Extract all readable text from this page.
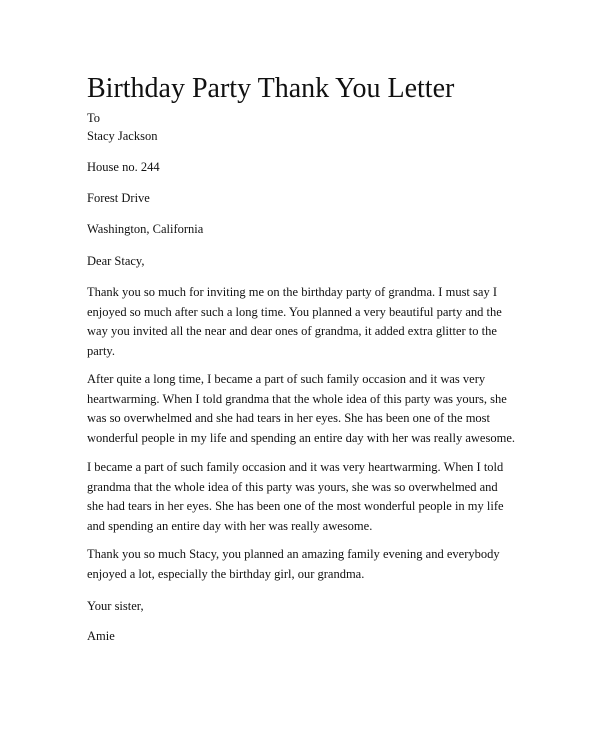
Birthday Party Thank You Letter

To

Stacy Jackson

House no. 244

Forest Drive

Washington, California

Dear Stacy,

Thank you so much for inviting me on the birthday party of grandma. I must say I enjoyed so much after such a long time. You planned a very beautiful party and the way you invited all the near and dear ones of grandma, it added extra glitter to the party.

After quite a long time, I became a part of such family occasion and it was very heartwarming. When I told grandma that the whole idea of this party was yours, she was so overwhelmed and she had tears in her eyes. She has been one of the most wonderful people in my life and spending an entire day with her was really awesome.

I became a part of such family occasion and it was very heartwarming. When I told grandma that the whole idea of this party was yours, she was so overwhelmed and she had tears in her eyes. She has been one of the most wonderful people in my life and spending an entire day with her was really awesome.

Thank you so much Stacy, you planned an amazing family evening and everybody enjoyed a lot, especially the birthday girl, our grandma.

Your sister,

Amie
